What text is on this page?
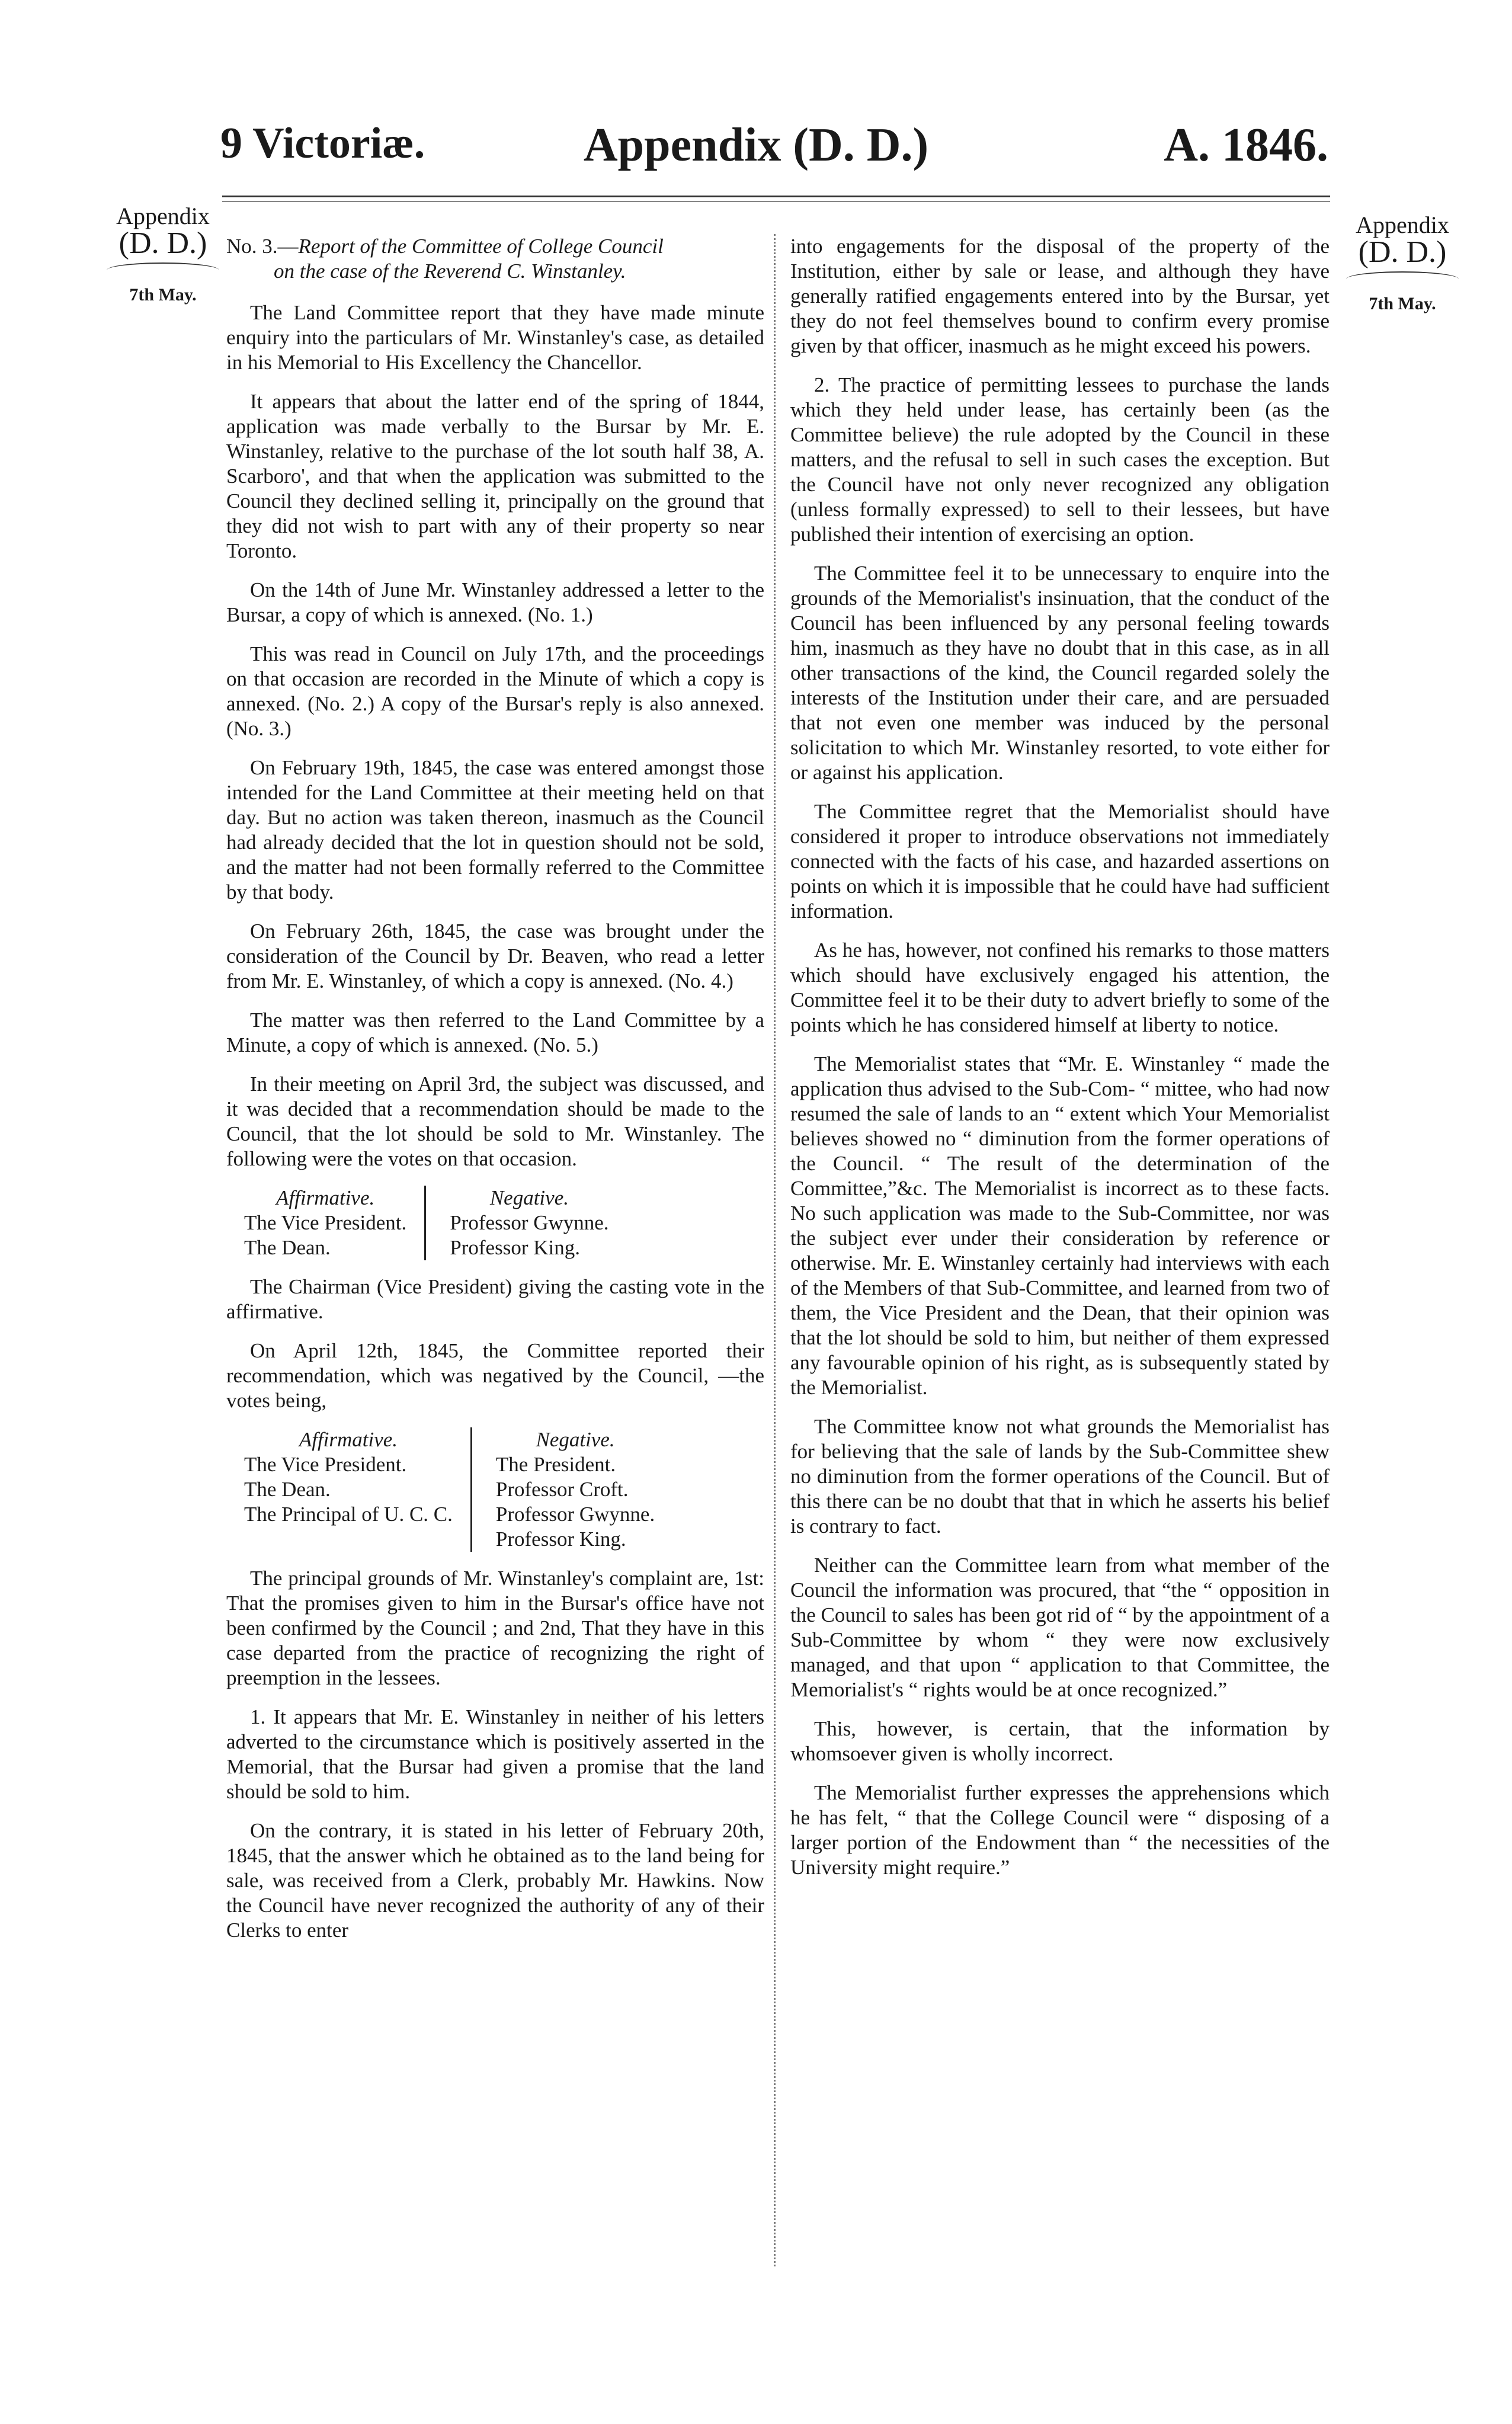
9 Victoriæ.	Appendix (D. D.)	A. 1846.
Appendix
(D. D.)
7th May.
Appendix
(D. D.)
7th May.
No. 3.—Report of the Committee of College Council
on the case of the Reverend C. Winstanley.

The Land Committee report that they have made minute enquiry into the particulars of Mr. Winstanley's case, as detailed in his Memorial to His Excellency the Chancellor.

It appears that about the latter end of the spring of 1844, application was made verbally to the Bursar by Mr. E. Winstanley, relative to the purchase of the lot south half 38, A. Scarboro', and that when the application was submitted to the Council they declined selling it, principally on the ground that they did not wish to part with any of their property so near Toronto.

On the 14th of June Mr. Winstanley addressed a letter to the Bursar, a copy of which is annexed. (No. 1.)

This was read in Council on July 17th, and the proceedings on that occasion are recorded in the Minute of which a copy is annexed. (No. 2.) A copy of the Bursar's reply is also annexed. (No. 3.)

On February 19th, 1845, the case was entered amongst those intended for the Land Committee at their meeting held on that day. But no action was taken thereon, inasmuch as the Council had already decided that the lot in question should not be sold, and the matter had not been formally referred to the Committee by that body.

On February 26th, 1845, the case was brought under the consideration of the Council by Dr. Beaven, who read a letter from Mr. E. Winstanley, of which a copy is annexed. (No. 4.)

The matter was then referred to the Land Committee by a Minute, a copy of which is annexed. (No. 5.)

In their meeting on April 3rd, the subject was discussed, and it was decided that a recommendation should be made to the Council, that the lot should be sold to Mr. Winstanley. The following were the votes on that occasion.

Affirmative.
The Vice President.
The Dean.
Negative.
Professor Gwynne.
Professor King.

The Chairman (Vice President) giving the casting vote in the affirmative.

On April 12th, 1845, the Committee reported their recommendation, which was negatived by the Council, —the votes being,

Affirmative.
The Vice President.
The Dean.
The Principal of U. C. C.
Negative.
The President.
Professor Croft.
Professor Gwynne.
Professor King.

The principal grounds of Mr. Winstanley's complaint are, 1st: That the promises given to him in the Bursar's office have not been confirmed by the Council ; and 2nd, That they have in this case departed from the practice of recognizing the right of preemption in the lessees.

1. It appears that Mr. E. Winstanley in neither of his letters adverted to the circumstance which is positively asserted in the Memorial, that the Bursar had given a promise that the land should be sold to him.

On the contrary, it is stated in his letter of February 20th, 1845, that the answer which he obtained as to the land being for sale, was received from a Clerk, probably Mr. Hawkins. Now the Council have never recognized the authority of any of their Clerks to enter

into engagements for the disposal of the property of the Institution, either by sale or lease, and although they have generally ratified engagements entered into by the Bursar, yet they do not feel themselves bound to confirm every promise given by that officer, inasmuch as he might exceed his powers.

2. The practice of permitting lessees to purchase the lands which they held under lease, has certainly been (as the Committee believe) the rule adopted by the Council in these matters, and the refusal to sell in such cases the exception. But the Council have not only never recognized any obligation (unless formally expressed) to sell to their lessees, but have published their intention of exercising an option.

The Committee feel it to be unnecessary to enquire into the grounds of the Memorialist's insinuation, that the conduct of the Council has been influenced by any personal feeling towards him, inasmuch as they have no doubt that in this case, as in all other transactions of the kind, the Council regarded solely the interests of the Institution under their care, and are persuaded that not even one member was induced by the personal solicitation to which Mr. Winstanley resorted, to vote either for or against his application.

The Committee regret that the Memorialist should have considered it proper to introduce observations not immediately connected with the facts of his case, and hazarded assertions on points on which it is impossible that he could have had sufficient information.

As he has, however, not confined his remarks to those matters which should have exclusively engaged his attention, the Committee feel it to be their duty to advert briefly to some of the points which he has considered himself at liberty to notice.

The Memorialist states that “Mr. E. Winstanley “ made the application thus advised to the Sub-Com- “ mittee, who had now resumed the sale of lands to an “ extent which Your Memorialist believes showed no “ diminution from the former operations of the Council. “ The result of the determination of the Committee,”&c. The Memorialist is incorrect as to these facts. No such application was made to the Sub-Committee, nor was the subject ever under their consideration by reference or otherwise. Mr. E. Winstanley certainly had interviews with each of the Members of that Sub-Committee, and learned from two of them, the Vice President and the Dean, that their opinion was that the lot should be sold to him, but neither of them expressed any favourable opinion of his right, as is subsequently stated by the Memorialist.

The Committee know not what grounds the Memorialist has for believing that the sale of lands by the Sub-Committee shew no diminution from the former operations of the Council. But of this there can be no doubt that that in which he asserts his belief is contrary to fact.

Neither can the Committee learn from what member of the Council the information was procured, that “the “ opposition in the Council to sales has been got rid of “ by the appointment of a Sub-Committee by whom “ they were now exclusively managed, and that upon “ application to that Committee, the Memorialist's “ rights would be at once recognized.”

This, however, is certain, that the information by whomsoever given is wholly incorrect.

The Memorialist further expresses the apprehensions which he has felt, “ that the College Council were “ disposing of a larger portion of the Endowment than “ the necessities of the University might require.”
